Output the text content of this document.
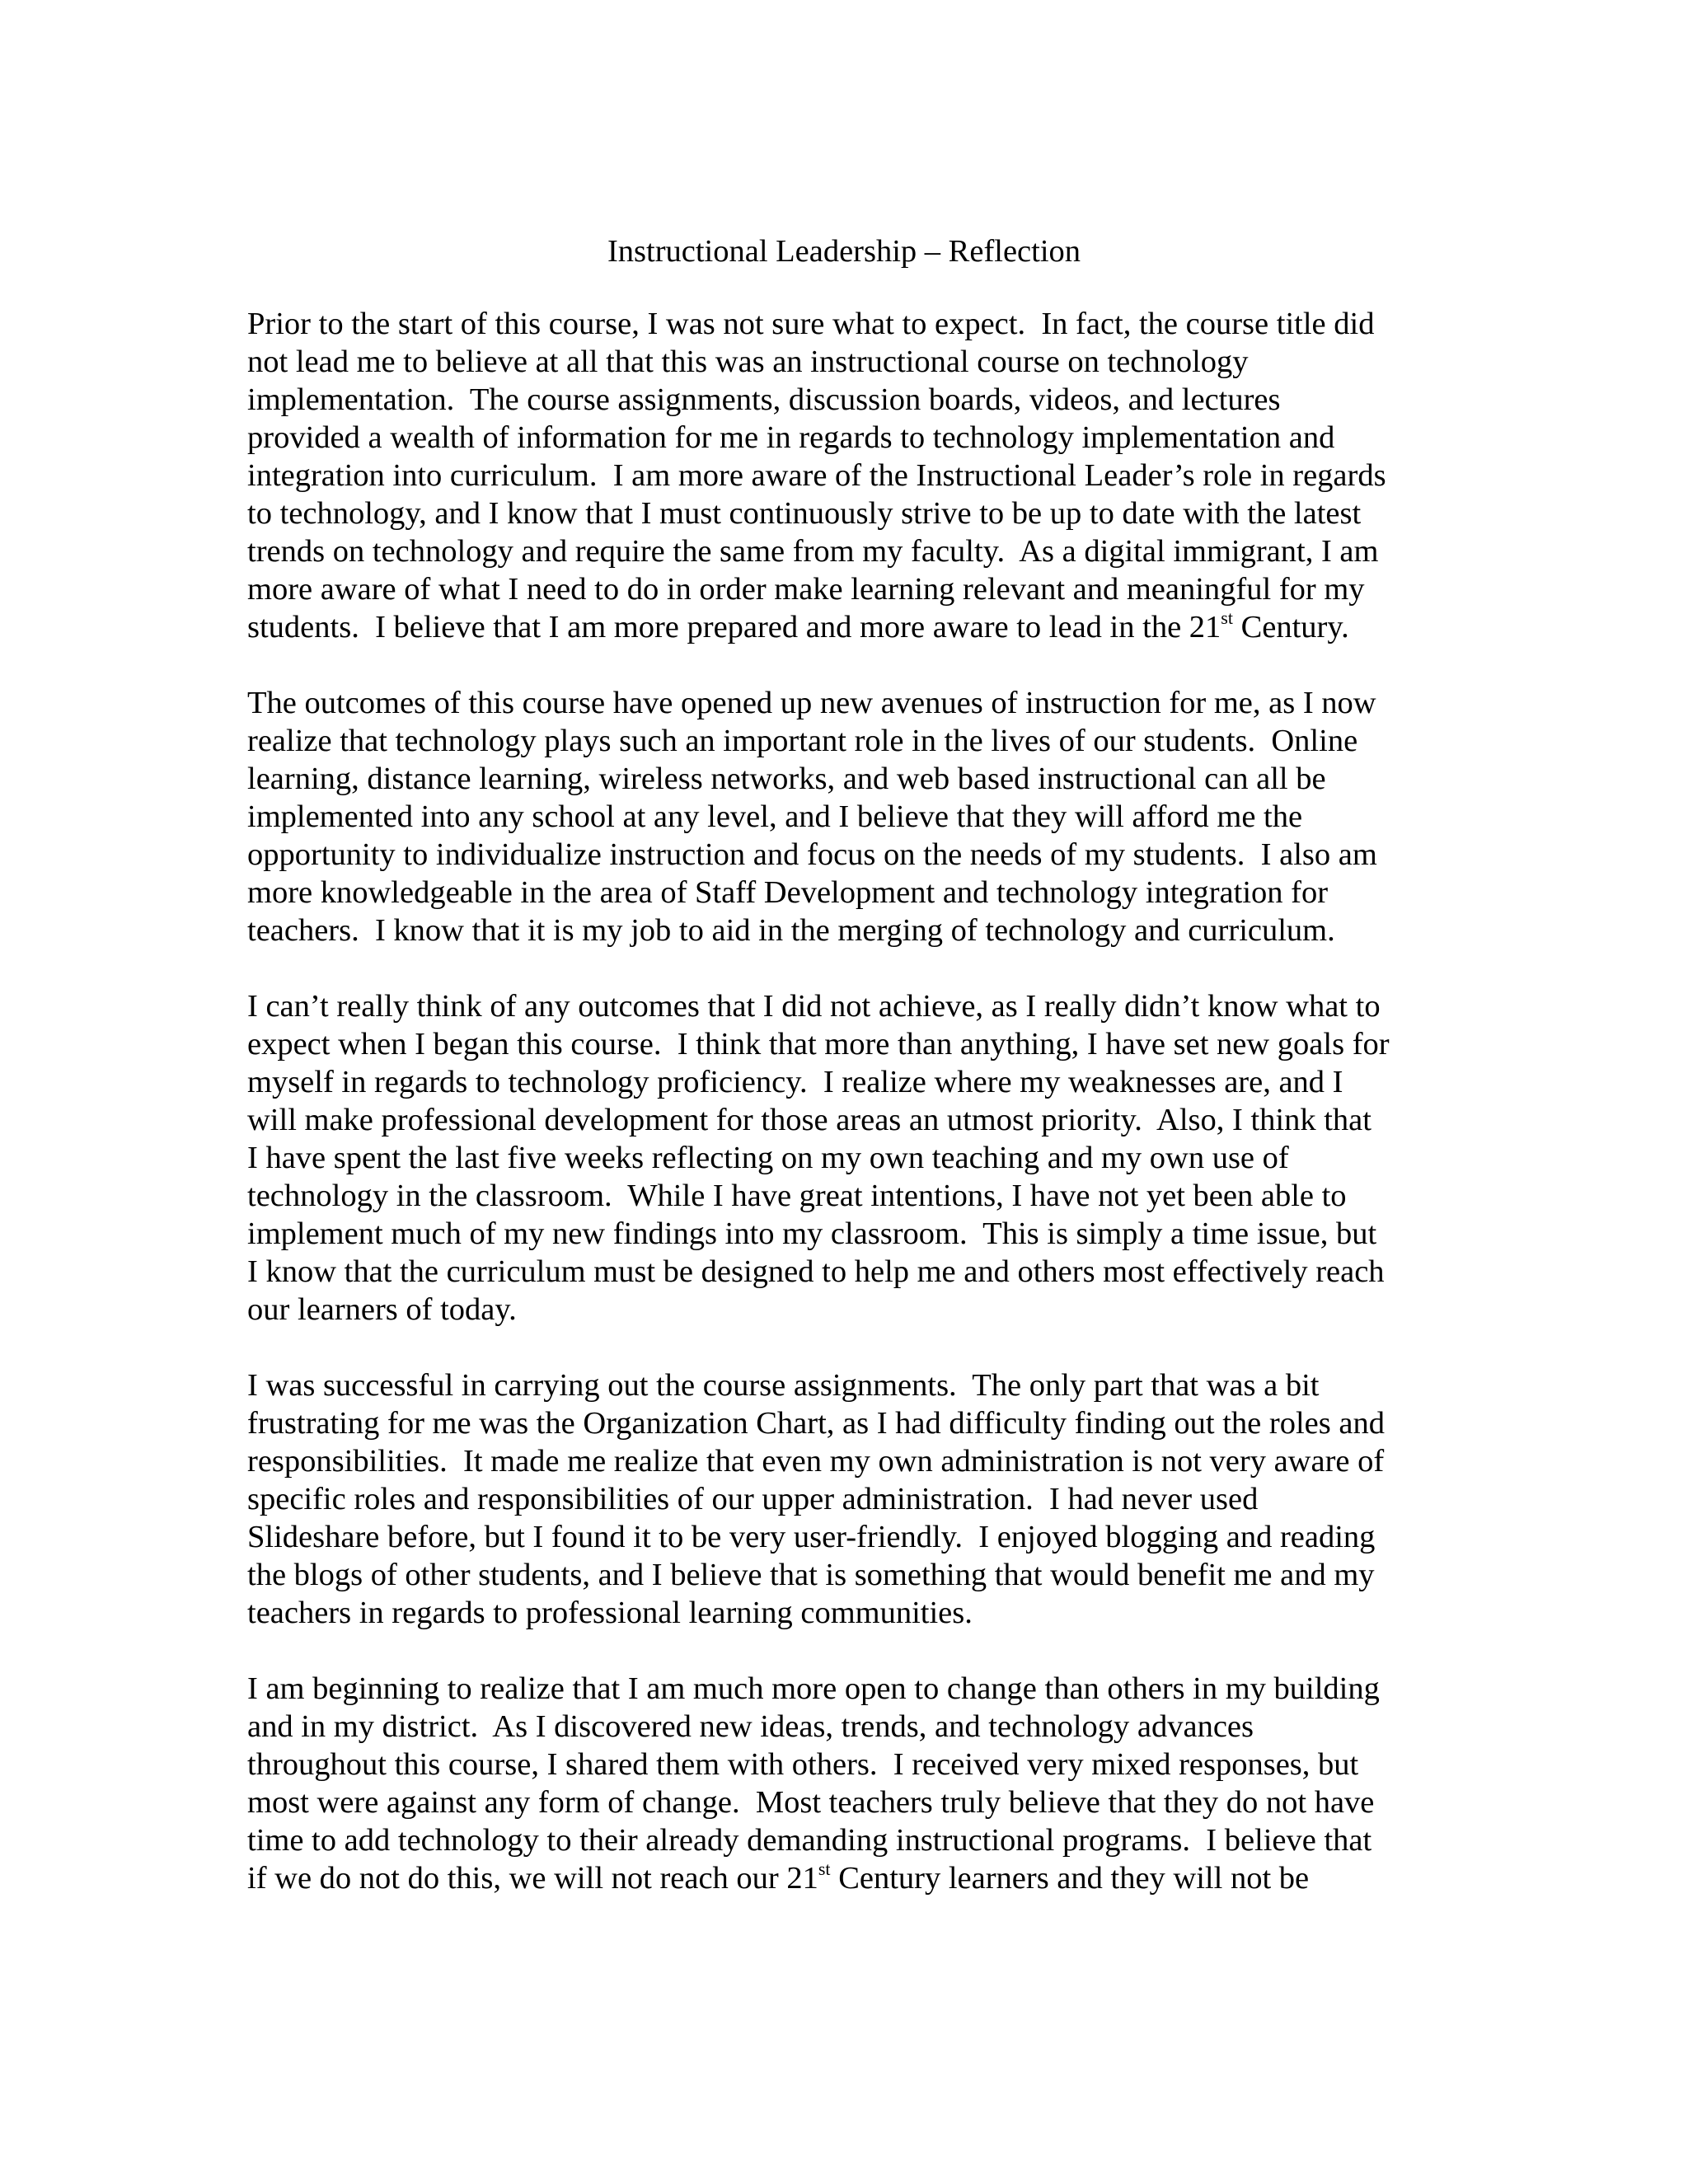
Instructional Leadership – Reflection
Prior to the start of this course, I was not sure what to expect.  In fact, the course title did
not lead me to believe at all that this was an instructional course on technology
implementation.  The course assignments, discussion boards, videos, and lectures
provided a wealth of information for me in regards to technology implementation and
integration into curriculum.  I am more aware of the Instructional Leader’s role in regards
to technology, and I know that I must continuously strive to be up to date with the latest
trends on technology and require the same from my faculty.  As a digital immigrant, I am
more aware of what I need to do in order make learning relevant and meaningful for my
students.  I believe that I am more prepared and more aware to lead in the 21st Century.
The outcomes of this course have opened up new avenues of instruction for me, as I now
realize that technology plays such an important role in the lives of our students.  Online
learning, distance learning, wireless networks, and web based instructional can all be
implemented into any school at any level, and I believe that they will afford me the
opportunity to individualize instruction and focus on the needs of my students.  I also am
more knowledgeable in the area of Staff Development and technology integration for
teachers.  I know that it is my job to aid in the merging of technology and curriculum.
I can’t really think of any outcomes that I did not achieve, as I really didn’t know what to
expect when I began this course.  I think that more than anything, I have set new goals for
myself in regards to technology proficiency.  I realize where my weaknesses are, and I
will make professional development for those areas an utmost priority.  Also, I think that
I have spent the last five weeks reflecting on my own teaching and my own use of
technology in the classroom.  While I have great intentions, I have not yet been able to
implement much of my new findings into my classroom.  This is simply a time issue, but
I know that the curriculum must be designed to help me and others most effectively reach
our learners of today.
I was successful in carrying out the course assignments.  The only part that was a bit
frustrating for me was the Organization Chart, as I had difficulty finding out the roles and
responsibilities.  It made me realize that even my own administration is not very aware of
specific roles and responsibilities of our upper administration.  I had never used
Slideshare before, but I found it to be very user-friendly.  I enjoyed blogging and reading
the blogs of other students, and I believe that is something that would benefit me and my
teachers in regards to professional learning communities.
I am beginning to realize that I am much more open to change than others in my building
and in my district.  As I discovered new ideas, trends, and technology advances
throughout this course, I shared them with others.  I received very mixed responses, but
most were against any form of change.  Most teachers truly believe that they do not have
time to add technology to their already demanding instructional programs.  I believe that
if we do not do this, we will not reach our 21st Century learners and they will not be
